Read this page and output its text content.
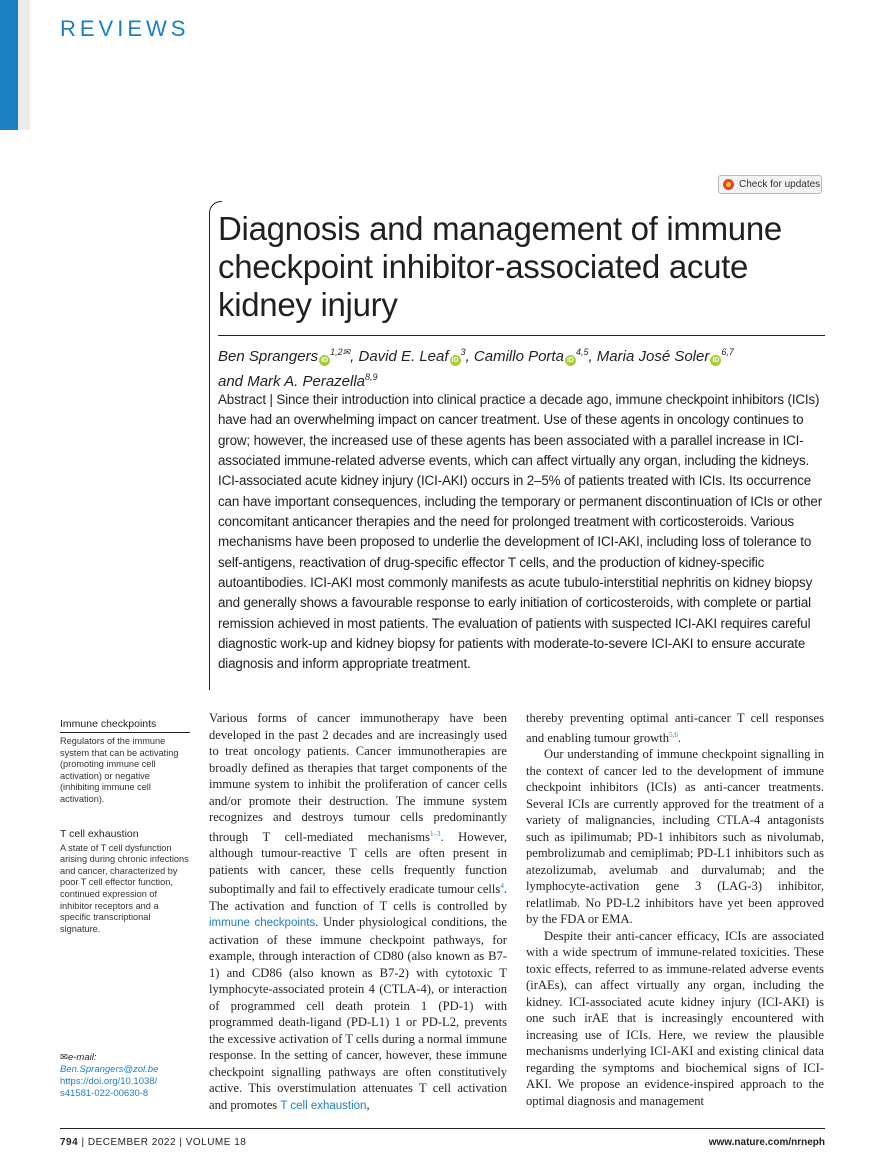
REVIEWS
Check for updates
Diagnosis and management of immune checkpoint inhibitor-associated acute kidney injury
Ben Sprangers $iD^{1,2✉}$, David E. Leaf $iD^3$, Camillo Porta iD$^{4,5}$, Maria José Soler iD$^{6,7}$
and Mark A. Perazella$^{8,9}$
Abstract | Since their introduction into clinical practice a decade ago, immune checkpoint inhibitors (ICIs) have had an overwhelming impact on cancer treatment. Use of these agents in oncology continues to grow; however, the increased use of these agents has been associated with a parallel increase in ICI-associated immune-related adverse events, which can affect virtually any organ, including the kidneys. ICI-associated acute kidney injury (ICI-AKI) occurs in 2–5% of patients treated with ICIs. Its occurrence can have important consequences, including the temporary or permanent discontinuation of ICIs or other concomitant anticancer therapies and the need for prolonged treatment with corticosteroids. Various mechanisms have been proposed to underlie the development of ICI-AKI, including loss of tolerance to self-antigens, reactivation of drug-specific effector T cells, and the production of kidney-specific autoantibodies. ICI-AKI most commonly manifests as acute tubulo-interstitial nephritis on kidney biopsy and generally shows a favourable response to early initiation of corticosteroids, with complete or partial remission achieved in most patients. The evaluation of patients with suspected ICI-AKI requires careful diagnostic work-up and kidney biopsy for patients with moderate-to-severe ICI-AKI to ensure accurate diagnosis and inform appropriate treatment.
Immune checkpoints
Regulators of the immune system that can be activating (promoting immune cell activation) or negative (inhibiting immune cell activation).
T cell exhaustion
A state of T cell dysfunction arising during chronic infections and cancer, characterized by poor T cell effector function, continued expression of inhibitor receptors and a specific transcriptional signature.
✉e-mail:
Ben.Sprangers@zol.be
https://doi.org/10.1038/
s41581-022-00630-8

Various forms of cancer immunotherapy have been developed in the past 2 decades and are increasingly used to treat oncology patients. Cancer immunotherapies are broadly defined as therapies that target components of the immune system to inhibit the proliferation of cancer cells and/or promote their destruction. The immune system recognizes and destroys tumour cells predominantly through T cell-mediated mechanisms$^{1-3}$. However, although tumour-reactive T cells are often present in patients with cancer, these cells frequently function suboptimally and fail to effectively eradicate tumour cells$^4$. The activation and function of T cells is controlled by immune checkpoints. Under physiological conditions, the activation of these immune checkpoint pathways, for example, through interaction of CD80 (also known as B7-1) and CD86 (also known as B7-2) with cytotoxic T lymphocyte-associated protein 4 (CTLA-4), or interaction of programmed cell death protein 1 (PD-1) with programmed death-ligand (PD-L1) 1 or PD-L2, prevents the excessive activation of T cells during a normal immune response. In the setting of cancer, however, these immune checkpoint signalling pathways are often constitutively active. This overstimulation attenuates T cell activation and promotes T cell exhaustion,

thereby preventing optimal anti-cancer T cell responses and enabling tumour growth$^{5,6}$.

Our understanding of immune checkpoint signalling in the context of cancer led to the development of immune checkpoint inhibitors (ICIs) as anti-cancer treatments. Several ICIs are currently approved for the treatment of a variety of malignancies, including CTLA-4 antagonists such as ipilimumab; PD-1 inhibitors such as nivolumab, pembrolizumab and cemiplimab; PD-L1 inhibitors such as atezolizumab, avelumab and durvalumab; and the lymphocyte-activation gene 3 (LAG-3) inhibitor, relatlimab. No PD-L2 inhibitors have yet been approved by the FDA or EMA.

Despite their anti-cancer efficacy, ICIs are associated with a wide spectrum of immune-related toxicities. These toxic effects, referred to as immune-related adverse events (irAEs), can affect virtually any organ, including the kidney. ICI-associated acute kidney injury (ICI-AKI) is one such irAE that is increasingly encountered with increasing use of ICIs. Here, we review the plausible mechanisms underlying ICI-AKI and existing clinical data regarding the symptoms and biochemical signs of ICI-AKI. We propose an evidence-inspired approach to the optimal diagnosis and management

794 | DECEMBER 2022 | VOLUME 18	www.nature.com/nrneph
